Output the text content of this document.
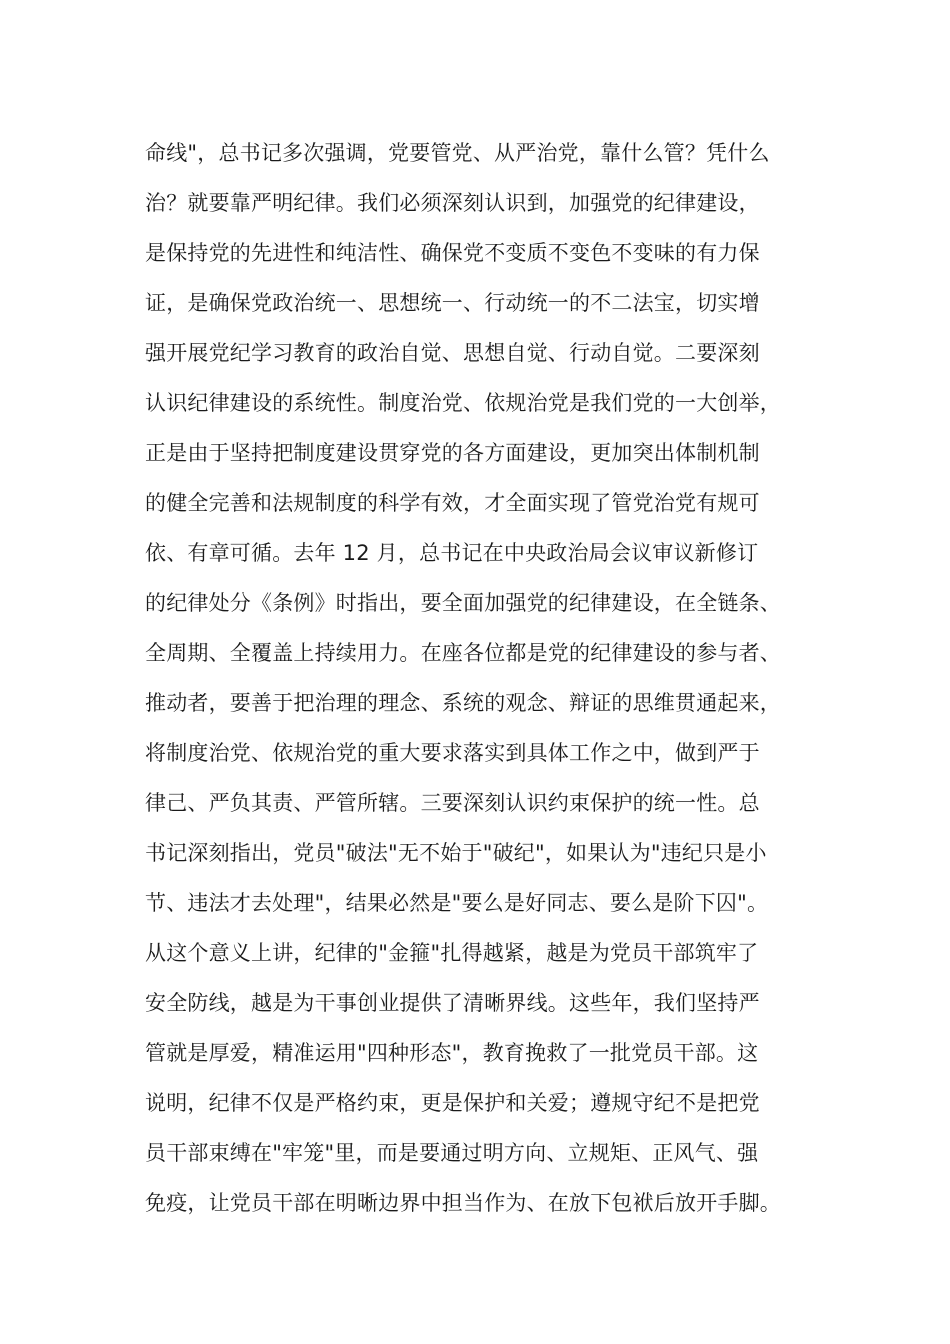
命线"，总书记多次强调，党要管党、从严治党，靠什么管？凭什么
治？就要靠严明纪律。我们必须深刻认识到，加强党的纪律建设，
是保持党的先进性和纯洁性、确保党不变质不变色不变味的有力保
证，是确保党政治统一、思想统一、行动统一的不二法宝，切实增
强开展党纪学习教育的政治自觉、思想自觉、行动自觉。二要深刻
认识纪律建设的系统性。制度治党、依规治党是我们党的一大创举，
正是由于坚持把制度建设贯穿党的各方面建设，更加突出体制机制
的健全完善和法规制度的科学有效，才全面实现了管党治党有规可
依、有章可循。去年 12 月，总书记在中央政治局会议审议新修订
的纪律处分《条例》时指出，要全面加强党的纪律建设，在全链条、
全周期、全覆盖上持续用力。在座各位都是党的纪律建设的参与者、
推动者，要善于把治理的理念、系统的观念、辩证的思维贯通起来，
将制度治党、依规治党的重大要求落实到具体工作之中，做到严于
律己、严负其责、严管所辖。三要深刻认识约束保护的统一性。总
书记深刻指出，党员"破法"无不始于"破纪"，如果认为"违纪只是小
节、违法才去处理"，结果必然是"要么是好同志、要么是阶下囚"。
从这个意义上讲，纪律的"金箍"扎得越紧，越是为党员干部筑牢了
安全防线，越是为干事创业提供了清晰界线。这些年，我们坚持严
管就是厚爱，精准运用"四种形态"，教育挽救了一批党员干部。这
说明，纪律不仅是严格约束，更是保护和关爱；遵规守纪不是把党
员干部束缚在"牢笼"里，而是要通过明方向、立规矩、正风气、强
免疫，让党员干部在明晰边界中担当作为、在放下包袱后放开手脚。
